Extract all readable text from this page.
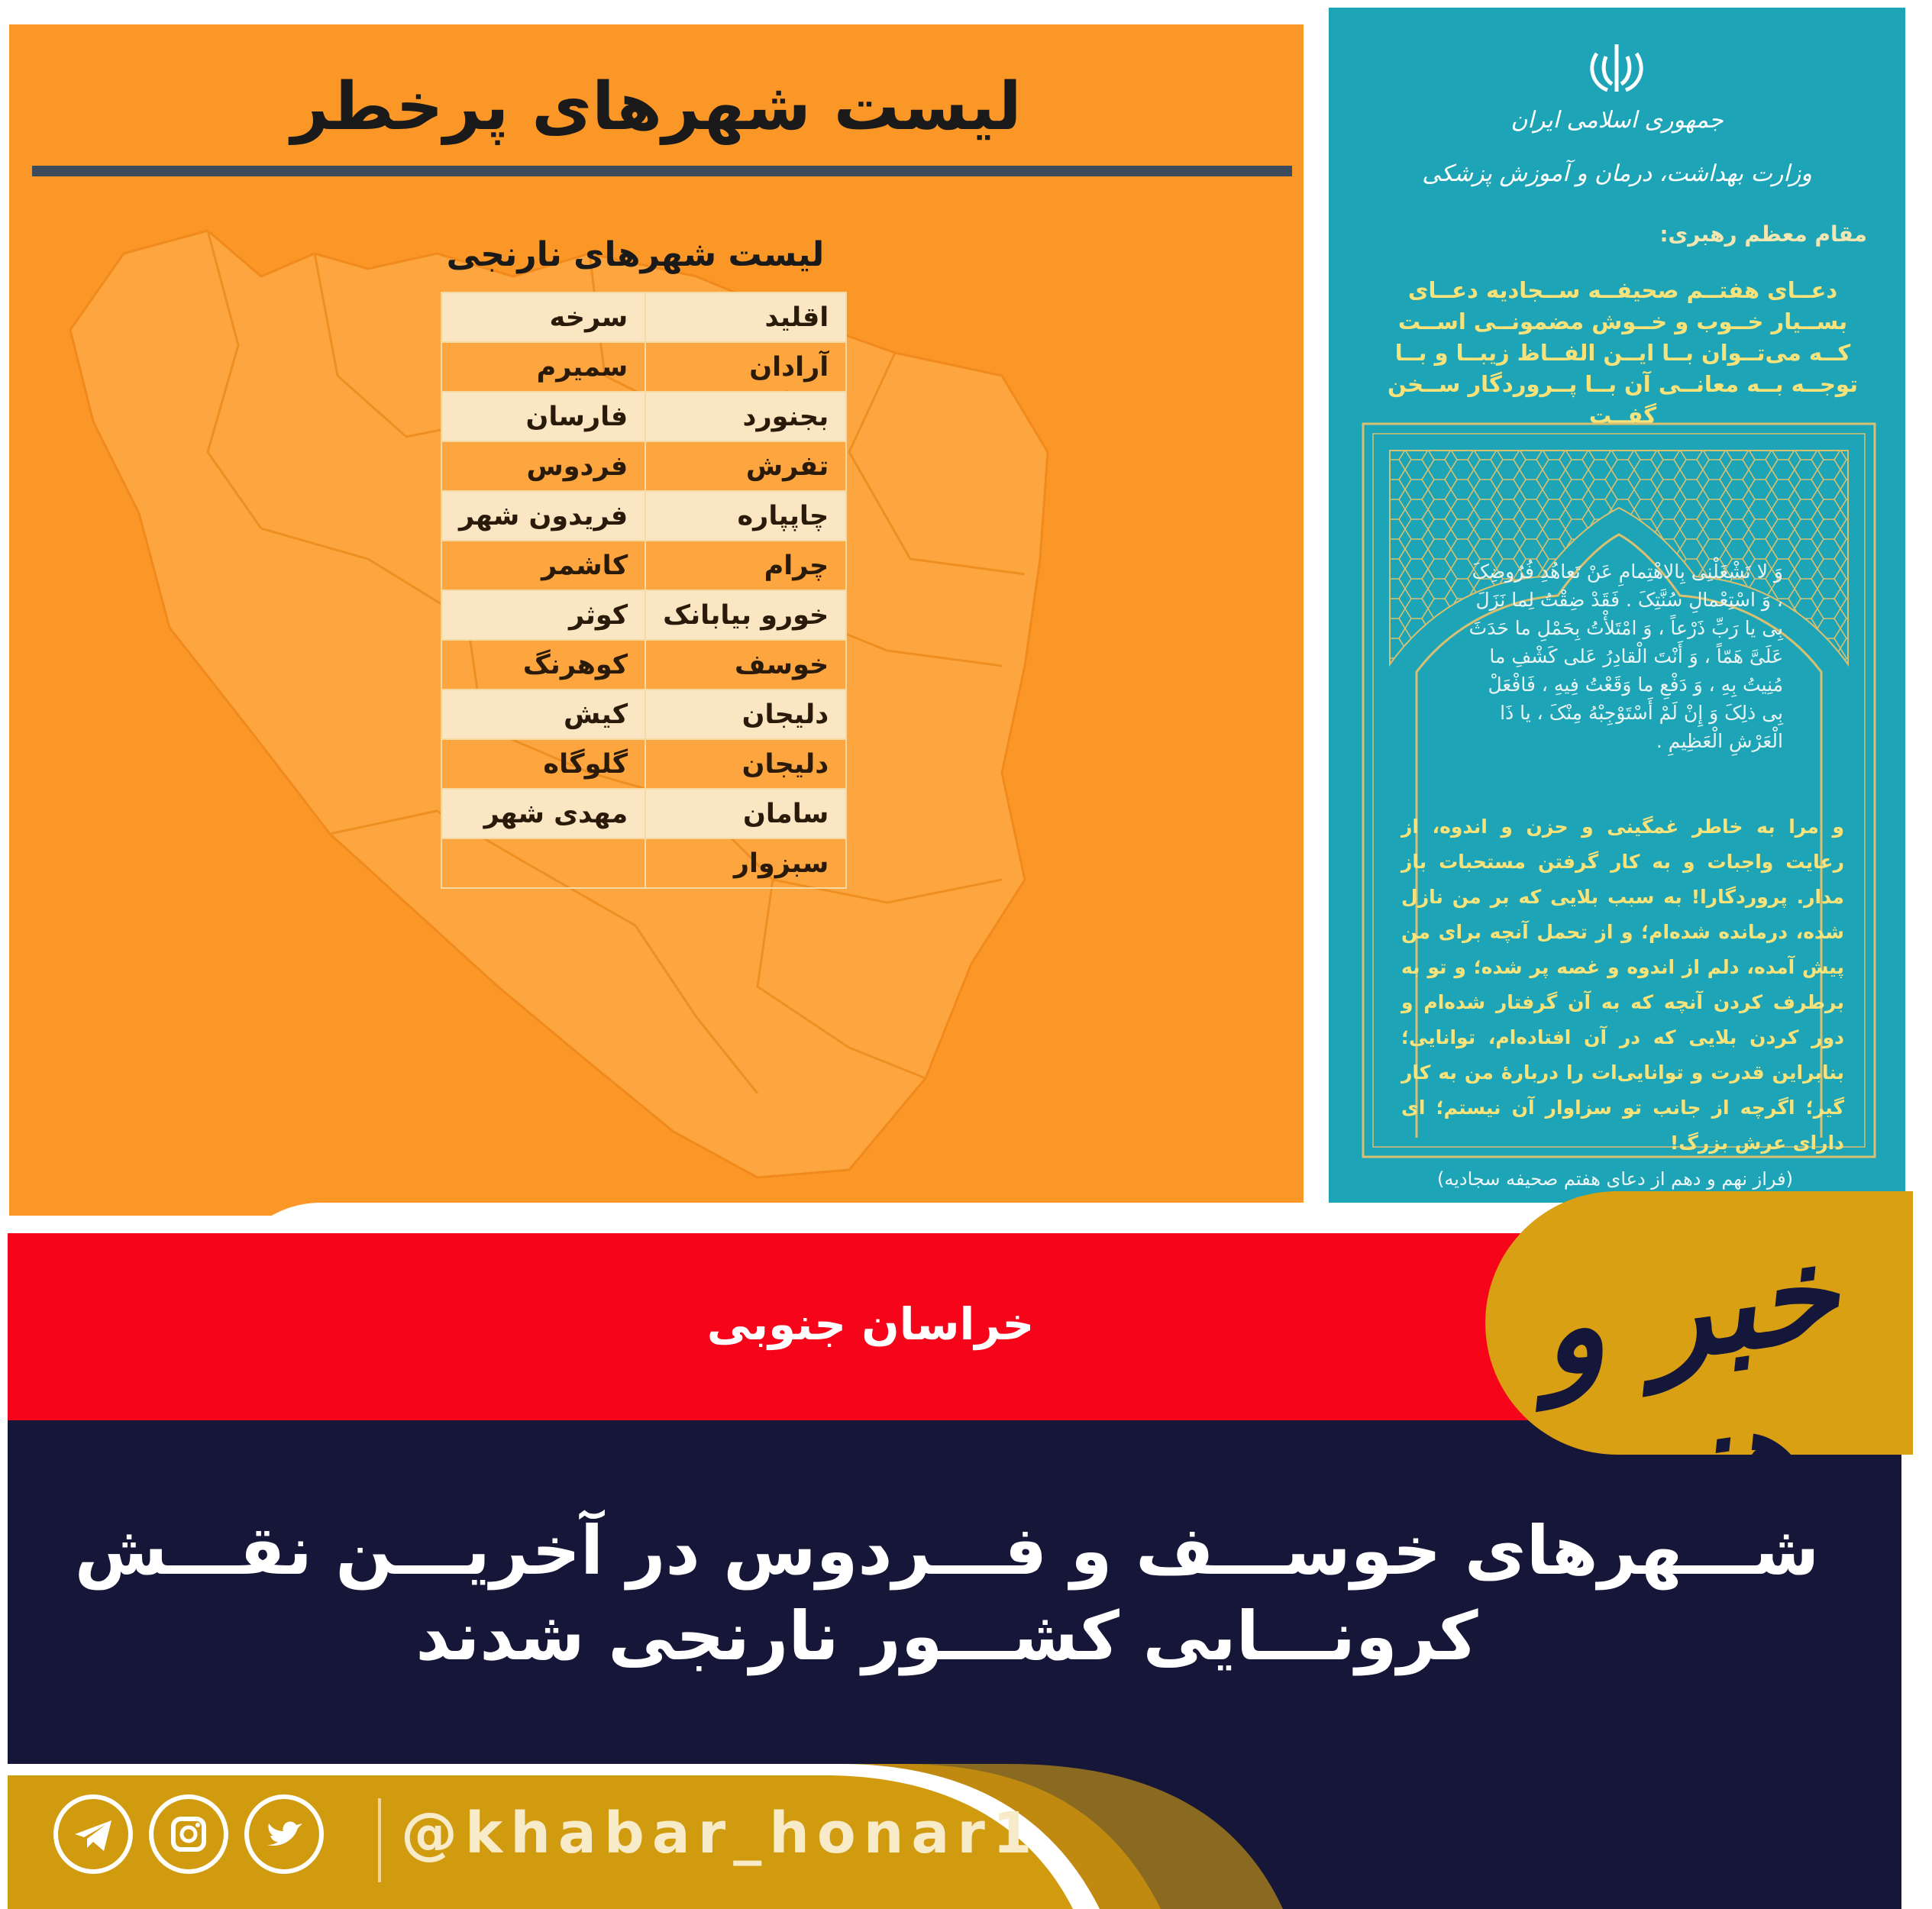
لیست شهرهای پرخطر
لیست شهرهای نارنجی
اقلید	سرخه
آرادان	سمیرم
بجنورد	فارسان
تفرش	فردوس
چاپپاره	فریدون شهر
چرام	کاشمر
خورو بیابانک	کوثر
خوسف	کوهرنگ
دلیجان	کیش
دلیجان	گلوگاه
سامان	مهدی شهر
سبزوار	
جمهوری اسلامی ایران
وزارت بهداشت، درمان و آموزش پزشکی
مقام معظم رهبری:
دعــای هفتــم صحیفــه ســجادیه دعــای بســیار خــوب و خــوش مضمونــی اســت کــه می‌تــوان بــا ایــن الفــاظ زیبــا و بــا توجــه بــه معانــی آن بــا پــروردگار ســخن گفــت
وَ لا تَشْغَلْنِی بِالاهْتِمامِ عَنْ تَعاهُدِ فُرُوضِکَ ، وَ اسْتِعْمالِ سُنَّتِکَ . فَقَدْ ضِقْتُ لِما نَزَلَ بِی یا رَبِّ ذَرْعاً ، وَ امْتَلأْتُ بِحَمْلِ ما حَدَثَ عَلَیَّ هَمّاً ، وَ أَنْتَ الْقادِرُ عَلی کَشْفِ ما مُنِیتُ بِهِ ، وَ دَفْعِ ما وَقَعْتُ فِیهِ ، فَافْعَلْ بِی ذلِکَ وَ إِنْ لَمْ أَسْتَوْجِبْهُ مِنْکَ ، یا ذَا الْعَرْشِ الْعَظِیمِ .
و مرا به خاطر غمگینی و حزن و اندوه، از رعایت واجبات و به کار گرفتن مستحبات باز مدار. پروردگارا! به سبب بلایی که بر من نازل شده، درمانده شده‌ام؛ و از تحمل آنچه برای من پیش آمده، دلم از اندوه و غصه پر شده؛ و تو به برطرف کردن آنچه که به آن گرفتار شده‌ام و دور کردن بلایی که در آن افتاده‌ام، توانایی؛ بنابراین قدرت و توانایی‌ات را دربارهٔ من به کار گیر؛ اگرچه از جانب تو سزاوار آن نیستم؛ ای دارای عرش بزرگ!
(فراز نهم و دهم از دعای هفتم صحیفه سجادیه)
خراسان جنوبی
شـــهرهای خوســـف و فـــردوس در آخریـــن نقـــش کرونـــایی کشـــور نارنجی شدند
خبر و هنر
@khabar_honar1
